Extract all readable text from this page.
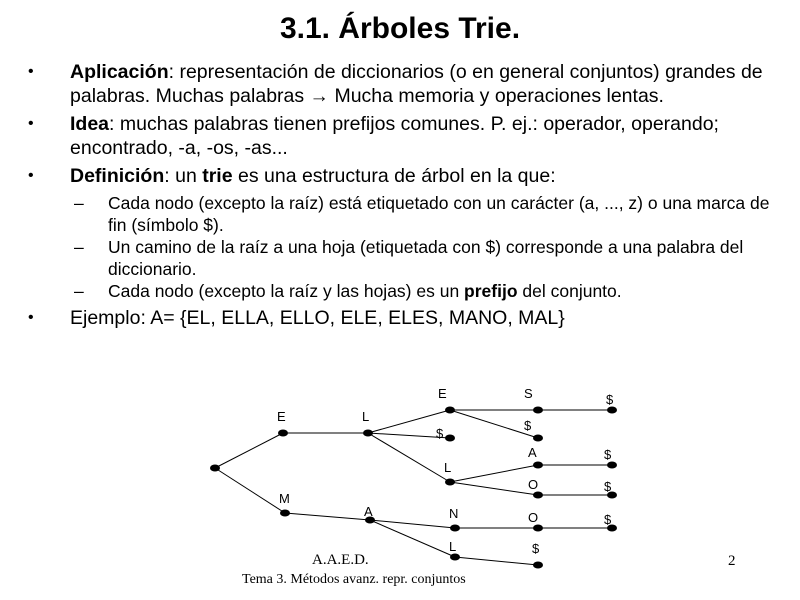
3.1. Árboles Trie.
• Aplicación: representación de diccionarios (o en general conjuntos) grandes de palabras. Muchas palabras → Mucha memoria y operaciones lentas.
• Idea: muchas palabras tienen prefijos comunes. P. ej.: operador, operando; encontrado, -a, -os, -as...
• Definición: un trie es una estructura de árbol en la que:
– Cada nodo (excepto la raíz) está etiquetado con un carácter (a, ..., z) o una marca de fin (símbolo $).
– Un camino de la raíz a una hoja (etiquetada con $) corresponde a una palabra del diccionario.
– Cada nodo (excepto la raíz y las hojas) es un prefijo del conjunto.
• Ejemplo: A= {EL, ELLA, ELLO, ELE, ELES, MANO, MAL}
E	L
E	S	$
$
$
L
A	$
O	$
M
A	N	O	$
L	$
A.A.E.D.
Tema 3. Métodos avanz. repr. conjuntos
2
